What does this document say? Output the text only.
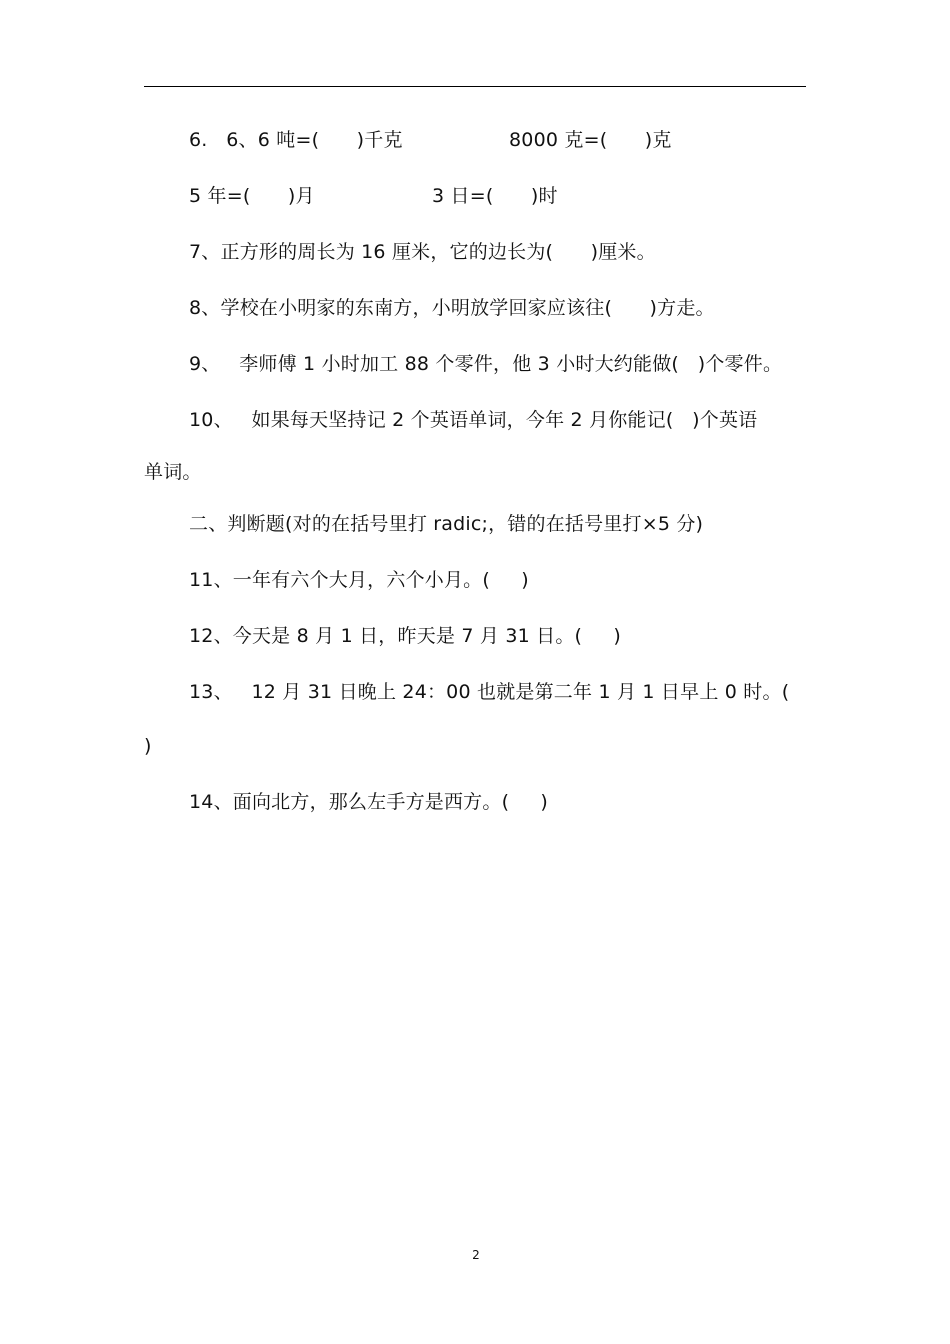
6.   6、6 吨=(      )千克	8000 克=(      )克
5 年=(      )月	3 日=(      )时
7、正方形的周长为 16 厘米，它的边长为(      )厘米。
8、学校在小明家的东南方，小明放学回家应该往(      )方走。
9、   李师傅 1 小时加工 88 个零件，他 3 小时大约能做(   )个零件。
10、   如果每天坚持记 2 个英语单词，今年 2 月你能记(   )个英语
单词。
二、判断题(对的在括号里打 radic;，错的在括号里打×5 分)
11、一年有六个大月，六个小月。(     )
12、今天是 8 月 1 日，昨天是 7 月 31 日。(     )
13、   12 月 31 日晚上 24：00 也就是第二年 1 月 1 日早上 0 时。(
)
14、面向北方，那么左手方是西方。(     )
2
